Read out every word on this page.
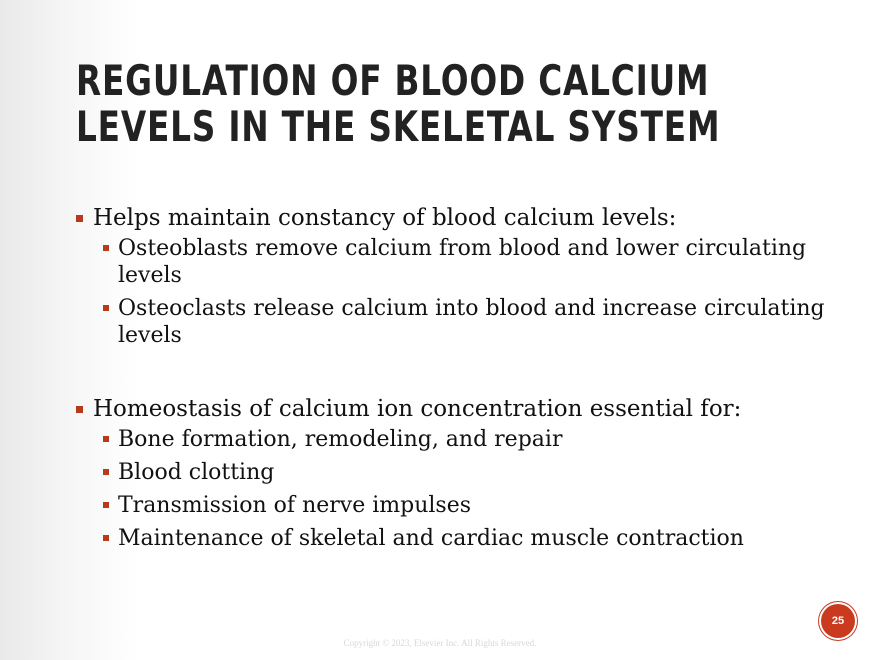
REGULATION OF BLOOD CALCIUM
LEVELS IN THE SKELETAL SYSTEM
Helps maintain constancy of blood calcium levels:
Osteoblasts remove calcium from blood and lower circulating levels
Osteoclasts release calcium into blood and increase circulating levels
Homeostasis of calcium ion concentration essential for:
Bone formation, remodeling, and repair
Blood clotting
Transmission of nerve impulses
Maintenance of skeletal and cardiac muscle contraction
25
Copyright © 2023, Elsevier Inc. All Rights Reserved.
